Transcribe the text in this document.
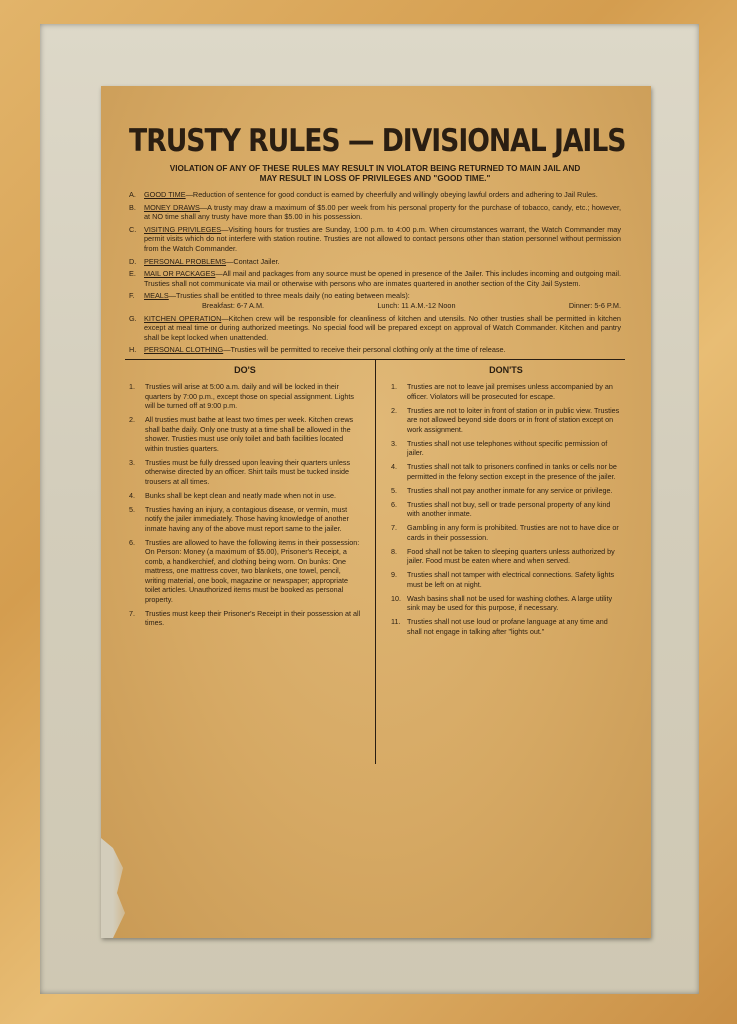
TRUSTY RULES — DIVISIONAL JAILS
VIOLATION OF ANY OF THESE RULES MAY RESULT IN VIOLATOR BEING RETURNED TO MAIN JAIL AND MAY RESULT IN LOSS OF PRIVILEGES AND "GOOD TIME."
A. GOOD TIME—Reduction of sentence for good conduct is earned by cheerfully and willingly obeying lawful orders and adhering to Jail Rules.
B. MONEY DRAWS—A trusty may draw a maximum of $5.00 per week from his personal property for the purchase of tobacco, candy, etc.; however, at NO time shall any trusty have more than $5.00 in his possession.
C. VISITING PRIVILEGES—Visiting hours for trusties are Sunday, 1:00 p.m. to 4:00 p.m. When circumstances warrant, the Watch Commander may permit visits which do not interfere with station routine. Trusties are not allowed to contact persons other than station personnel without permission from the Watch Commander.
D. PERSONAL PROBLEMS—Contact Jailer.
E. MAIL OR PACKAGES—All mail and packages from any source must be opened in presence of the Jailer. This includes incoming and outgoing mail. Trusties shall not communicate via mail or otherwise with persons who are inmates quartered in another section of the City Jail System.
F. MEALS—Trusties shall be entitled to three meals daily (no eating between meals):
Breakfast: 6-7 A.M.	Lunch: 11 A.M.-12 Noon	Dinner: 5-6 P.M.
G. KITCHEN OPERATION—Kitchen crew will be responsible for cleanliness of kitchen and utensils. No other trusties shall be permitted in kitchen except at meal time or during authorized meetings. No special food will be prepared except on approval of Watch Commander. Kitchen and pantry shall be kept locked when unattended.
H. PERSONAL CLOTHING—Trusties will be permitted to receive their personal clothing only at the time of release.
DO'S
1. Trusties will arise at 5:00 a.m. daily and will be locked in their quarters by 7:00 p.m., except those on special assignment. Lights will be turned off at 9:00 p.m.
2. All trusties must bathe at least two times per week. Kitchen crews shall bathe daily. Only one trusty at a time shall be allowed in the shower. Trusties must use only toilet and bath facilities located within trusties quarters.
3. Trusties must be fully dressed upon leaving their quarters unless otherwise directed by an officer. Shirt tails must be tucked inside trousers at all times.
4. Bunks shall be kept clean and neatly made when not in use.
5. Trusties having an injury, a contagious disease, or vermin, must notify the jailer immediately. Those having knowledge of another inmate having any of the above must report same to the jailer.
6. Trusties are allowed to have the following items in their possession: On Person: Money (a maximum of $5.00), Prisoner's Receipt, a comb, a handkerchief, and clothing being worn. On bunks: One mattress, one mattress cover, two blankets, one towel, pencil, writing material, one book, magazine or newspaper; appropriate toilet articles. Unauthorized items must be booked as personal property.
7. Trusties must keep their Prisoner's Receipt in their possession at all times.
DON'TS
1. Trusties are not to leave jail premises unless accompanied by an officer. Violators will be prosecuted for escape.
2. Trusties are not to loiter in front of station or in public view. Trusties are not allowed beyond side doors or in front of station except on work assignment.
3. Trusties shall not use telephones without specific permission of jailer.
4. Trusties shall not talk to prisoners confined in tanks or cells nor be permitted in the felony section except in the presence of the jailer.
5. Trusties shall not pay another inmate for any service or privilege.
6. Trusties shall not buy, sell or trade personal property of any kind with another inmate.
7. Gambling in any form is prohibited. Trusties are not to have dice or cards in their possession.
8. Food shall not be taken to sleeping quarters unless authorized by jailer. Food must be eaten where and when served.
9. Trusties shall not tamper with electrical connections. Safety lights must be left on at night.
10. Wash basins shall not be used for washing clothes. A large utility sink may be used for this purpose, if necessary.
11. Trusties shall not use loud or profane language at any time and shall not engage in talking after "lights out."
